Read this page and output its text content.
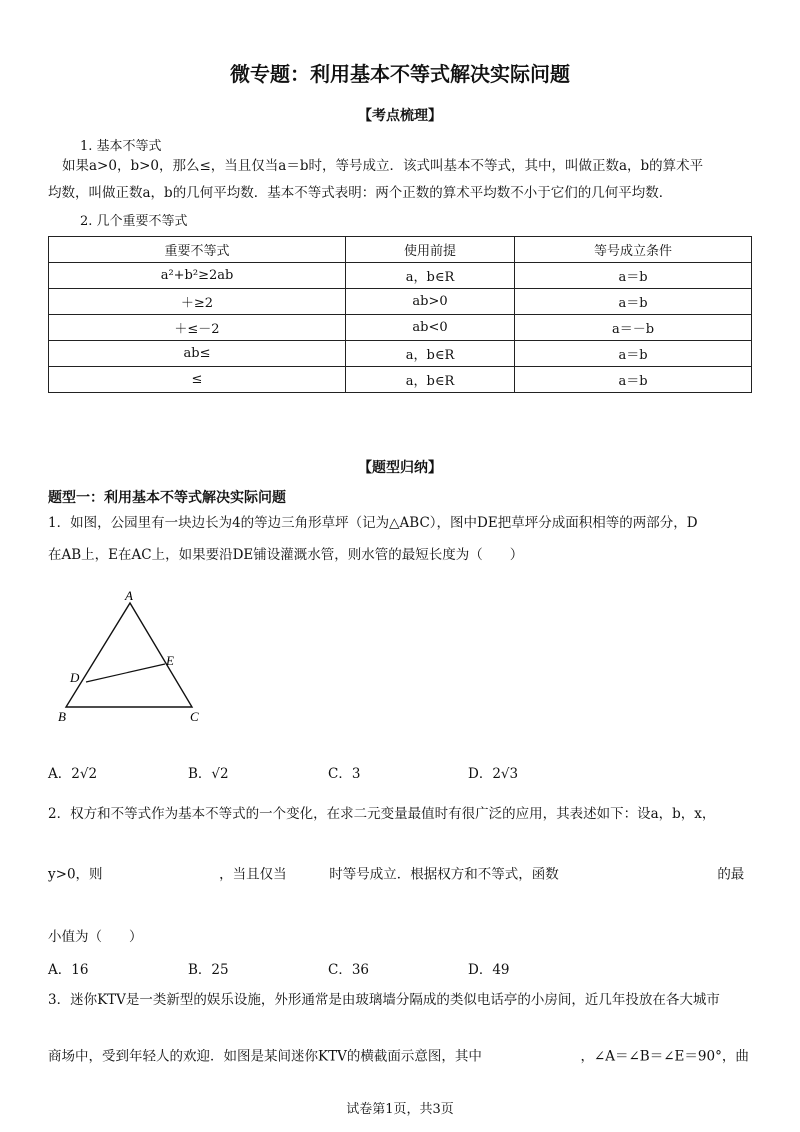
微专题：利用基本不等式解决实际问题
【考点梳理】
1. 基本不等式
如果a>0，b>0，那么≤，当且仅当a＝b时，等号成立．该式叫基本不等式，其中，叫做正数a，b的算术平
均数，叫做正数a，b的几何平均数．基本不等式表明：两个正数的算术平均数不小于它们的几何平均数．
2. 几个重要不等式
重要不等式	使用前提	等号成立条件
a²+b²≥2ab	a，b∈R	a＝b
＋≥2	ab>0	a＝b
＋≤－2	ab<0	a＝－b
ab≤	a，b∈R	a＝b
≤	a，b∈R	a＝b
【题型归纳】
题型一：利用基本不等式解决实际问题
1．如图，公园里有一块边长为4的等边三角形草坪（记为△ABC），图中DE把草坪分成面积相等的两部分，D
在AB上，E在AC上，如果要沿DE铺设灌溉水管，则水管的最短长度为（　　）
A
B	C
D
E
A．2√2	B．√2	C．3	D．2√3
2．权方和不等式作为基本不等式的一个变化，在求二元变量最值时有很广泛的应用，其表述如下：设a，b，x，
y>0，则	，当且仅当	时等号成立．根据权方和不等式，函数	的最
小值为（　　）
A．16	B．25	C．36	D．49
3．迷你KTV是一类新型的娱乐设施，外形通常是由玻璃墙分隔成的类似电话亭的小房间，近几年投放在各大城市
商场中，受到年轻人的欢迎．如图是某间迷你KTV的横截面示意图，其中	，∠A＝∠B＝∠E＝90°，曲
试卷第1页，共3页
